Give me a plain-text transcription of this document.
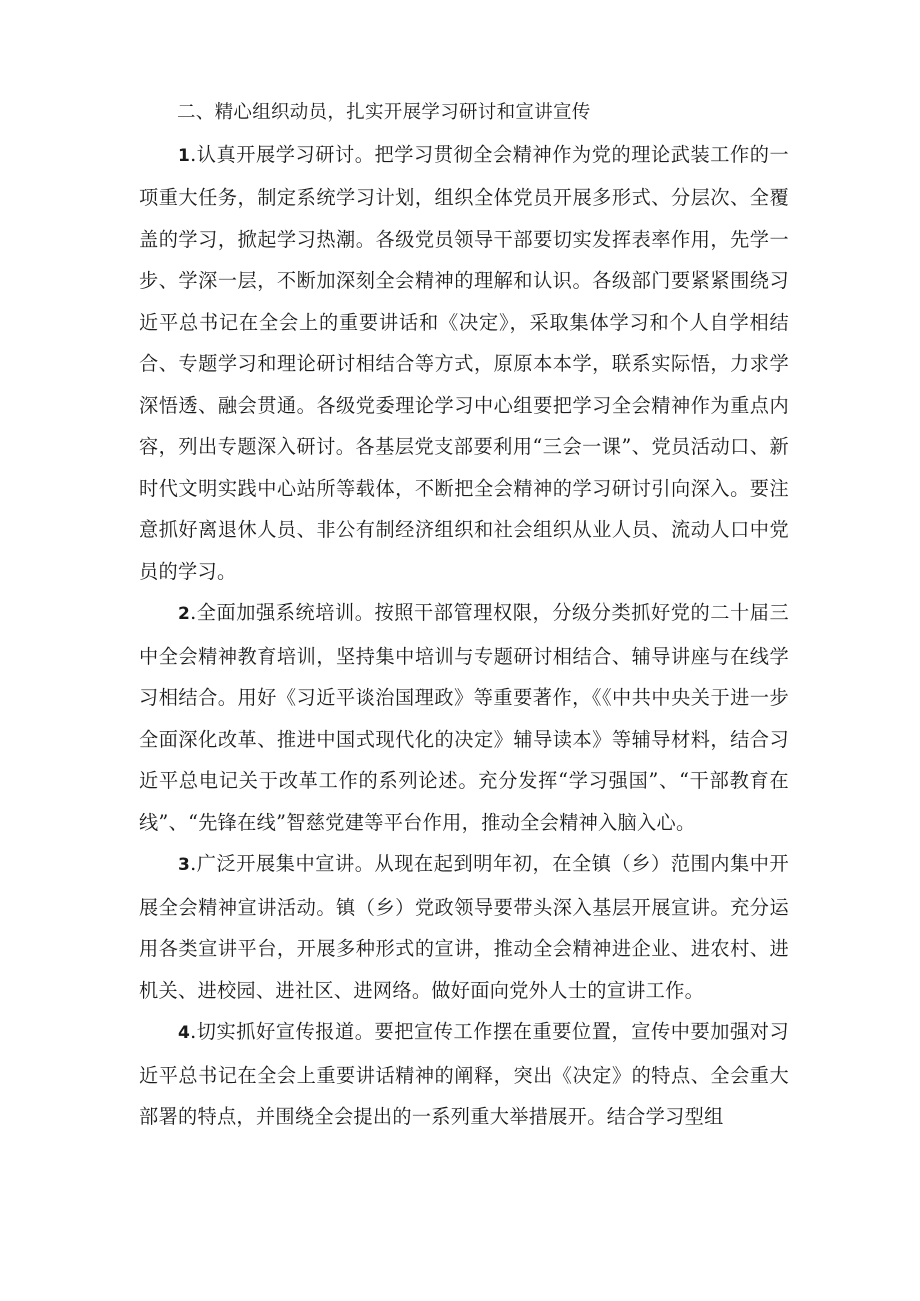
二、精心组织动员，扎实开展学习研讨和宣讲宣传

1.认真开展学习研讨。把学习贯彻全会精神作为党的理论武装工作的一项重大任务，制定系统学习计划，组织全体党员开展多形式、分层次、全覆盖的学习，掀起学习热潮。各级党员领导干部要切实发挥表率作用，先学一步、学深一层，不断加深刻全会精神的理解和认识。各级部门要紧紧围绕习近平总书记在全会上的重要讲话和《决定》，采取集体学习和个人自学相结合、专题学习和理论研讨相结合等方式，原原本本学，联系实际悟，力求学深悟透、融会贯通。各级党委理论学习中心组要把学习全会精神作为重点内容，列出专题深入研讨。各基层党支部要利用“三会一课”、党员活动口、新时代文明实践中心站所等载体，不断把全会精神的学习研讨引向深入。要注意抓好离退休人员、非公有制经济组织和社会组织从业人员、流动人口中党员的学习。

2.全面加强系统培训。按照干部管理权限，分级分类抓好党的二十届三中全会精神教育培训，坚持集中培训与专题研讨相结合、辅导讲座与在线学习相结合。用好《习近平谈治国理政》等重要著作，《《中共中央关于进一步全面深化改革、推进中国式现代化的决定》辅导读本》等辅导材料，结合习近平总电记关于改革工作的系列论述。充分发挥“学习强国”、“干部教育在线”、“先锋在线”智慈党建等平台作用，推动全会精神入脑入心。

3.广泛开展集中宣讲。从现在起到明年初，在全镇（乡）范围内集中开展全会精神宣讲活动。镇（乡）党政领导要带头深入基层开展宣讲。充分运用各类宣讲平台，开展多种形式的宣讲，推动全会精神进企业、进农村、进机关、进校园、进社区、进网络。做好面向党外人士的宣讲工作。

4.切实抓好宣传报道。要把宣传工作摆在重要位置，宣传中要加强对习近平总书记在全会上重要讲话精神的阐释，突出《决定》的特点、全会重大部署的特点，并围绕全会提出的一系列重大举措展开。结合学习型组
